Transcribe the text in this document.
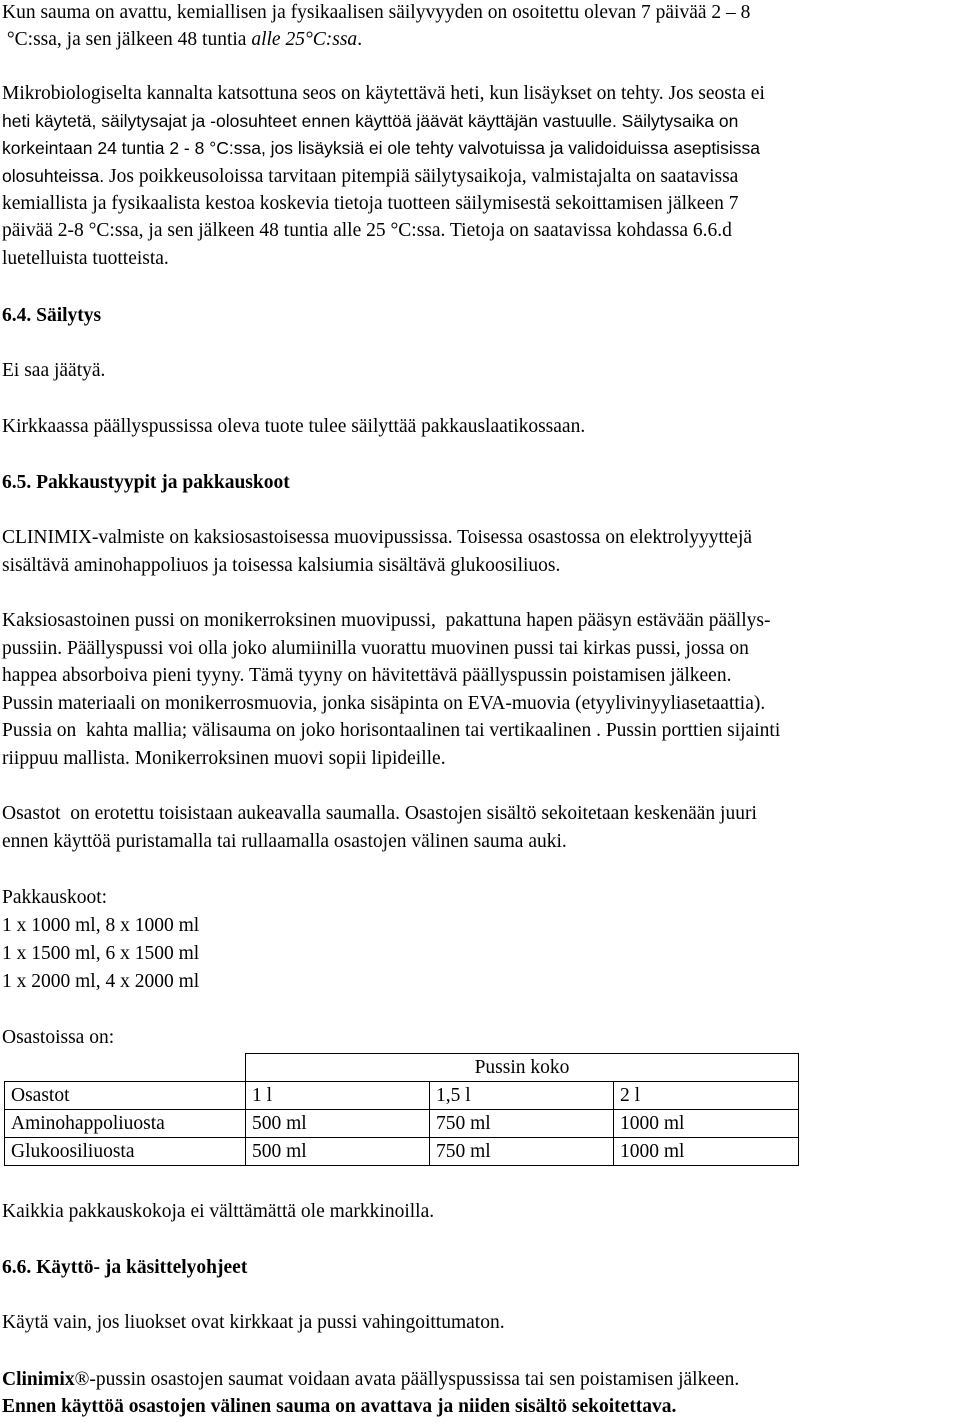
Kun sauma on avattu, kemiallisen ja fysikaalisen säilyvyyden on osoitettu olevan 7 päivää 2 – 8

°C:ssa, ja sen jälkeen 48 tuntia alle 25°C:ssa.

Mikrobiologiselta kannalta katsottuna seos on käytettävä heti, kun lisäykset on tehty. Jos seosta ei

heti käytetä, säilytysajat ja -olosuhteet ennen käyttöä jäävät käyttäjän vastuulle. Säilytysaika on

korkeintaan 24 tuntia 2 - 8 °C:ssa, jos lisäyksiä ei ole tehty valvotuissa ja validoiduissa aseptisissa

olosuhteissa. Jos poikkeusoloissa tarvitaan pitempiä säilytysaikoja, valmistajalta on saatavissa

kemiallista ja fysikaalista kestoa koskevia tietoja tuotteen säilymisestä sekoittamisen jälkeen 7

päivää 2-8 °C:ssa, ja sen jälkeen 48 tuntia alle 25 °C:ssa. Tietoja on saatavissa kohdassa 6.6.d

luetelluista tuotteista.

6.4. Säilytys

Ei saa jäätyä.

Kirkkaassa päällyspussissa oleva tuote tulee säilyttää pakkauslaatikossaan.

6.5. Pakkaustyypit ja pakkauskoot

CLINIMIX-valmiste on kaksiosastoisessa muovipussissa. Toisessa osastossa on elektrolyyyttejä

sisältävä aminohappoliuos ja toisessa kalsiumia sisältävä glukoosiliuos.

Kaksiosastoinen pussi on monikerroksinen muovipussi,  pakattuna hapen pääsyn estävään päällys-

pussiin. Päällyspussi voi olla joko alumiinilla vuorattu muovinen pussi tai kirkas pussi, jossa on

happea absorboiva pieni tyyny. Tämä tyyny on hävitettävä päällyspussin poistamisen jälkeen.

Pussin materiaali on monikerrosmuovia, jonka sisäpinta on EVA-muovia (etyylivinyyliasetaattia).

Pussia on  kahta mallia; välisauma on joko horisontaalinen tai vertikaalinen . Pussin porttien sijainti

riippuu mallista. Monikerroksinen muovi sopii lipideille.

Osastot  on erotettu toisistaan aukeavalla saumalla. Osastojen sisältö sekoitetaan keskenään juuri

ennen käyttöä puristamalla tai rullaamalla osastojen välinen sauma auki.

Pakkauskoot:

1 x 1000 ml, 8 x 1000 ml

1 x 1500 ml, 6 x 1500 ml

1 x 2000 ml, 4 x 2000 ml

Osastoissa on:

	Pussin koko		
Osastot	1 l	1,5 l	2 l
Aminohappoliuosta	500 ml	750 ml	1000 ml
Glukoosiliuosta	500 ml	750 ml	1000 ml

Kaikkia pakkauskokoja ei välttämättä ole markkinoilla.

6.6. Käyttö- ja käsittelyohjeet

Käytä vain, jos liuokset ovat kirkkaat ja pussi vahingoittumaton.

Clinimix®-pussin osastojen saumat voidaan avata päällyspussissa tai sen poistamisen jälkeen.

Ennen käyttöä osastojen välinen sauma on avattava ja niiden sisältö sekoitettava.
